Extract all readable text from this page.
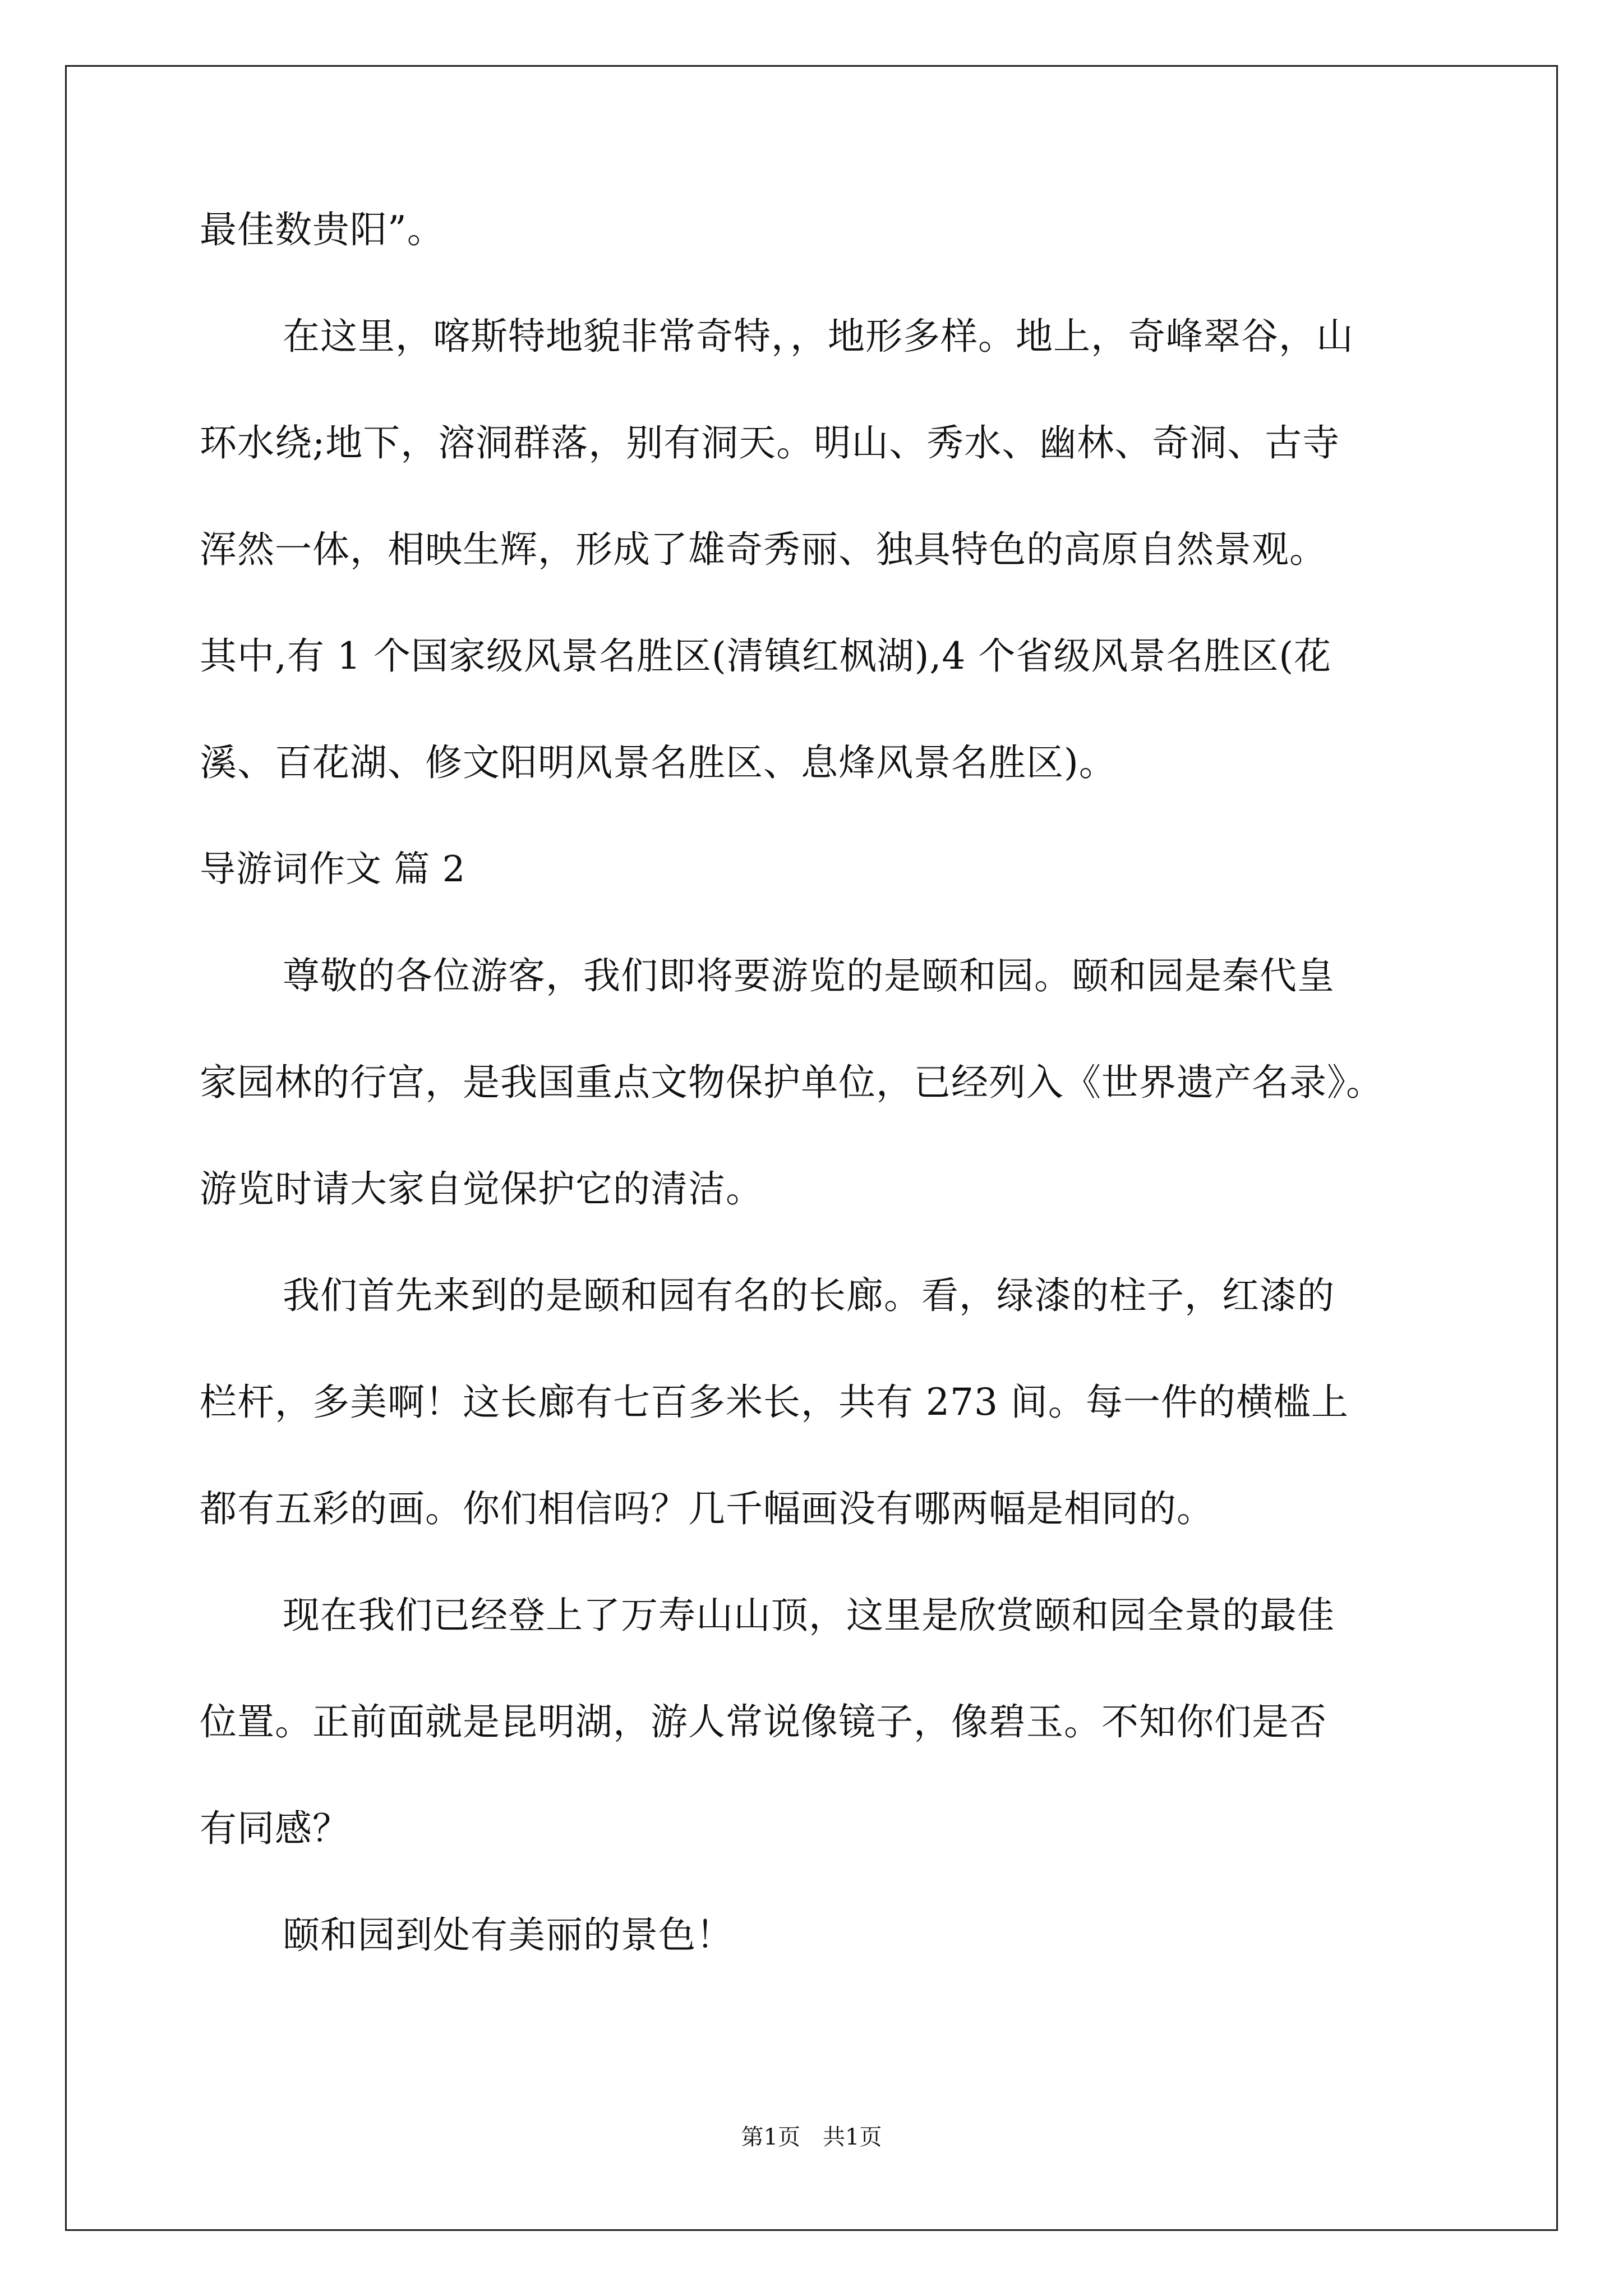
最佳数贵阳”。
在这里，喀斯特地貌非常奇特，，地形多样。地上，奇峰翠谷，山
环水绕;地下，溶洞群落，别有洞天。明山、秀水、幽林、奇洞、古寺
浑然一体，相映生辉，形成了雄奇秀丽、独具特色的高原自然景观。
其中,有 1 个国家级风景名胜区(清镇红枫湖),4 个省级风景名胜区(花
溪、百花湖、修文阳明风景名胜区、息烽风景名胜区)。
导游词作文 篇 2
尊敬的各位游客，我们即将要游览的是颐和园。颐和园是秦代皇
家园林的行宫，是我国重点文物保护单位，已经列入《世界遗产名录》。
游览时请大家自觉保护它的清洁。
我们首先来到的是颐和园有名的长廊。看，绿漆的柱子，红漆的
栏杆，多美啊！这长廊有七百多米长，共有 273 间。每一件的横槛上
都有五彩的画。你们相信吗？几千幅画没有哪两幅是相同的。
现在我们已经登上了万寿山山顶，这里是欣赏颐和园全景的最佳
位置。正前面就是昆明湖，游人常说像镜子，像碧玉。不知你们是否
有同感？
颐和园到处有美丽的景色！
第1页　共1页
